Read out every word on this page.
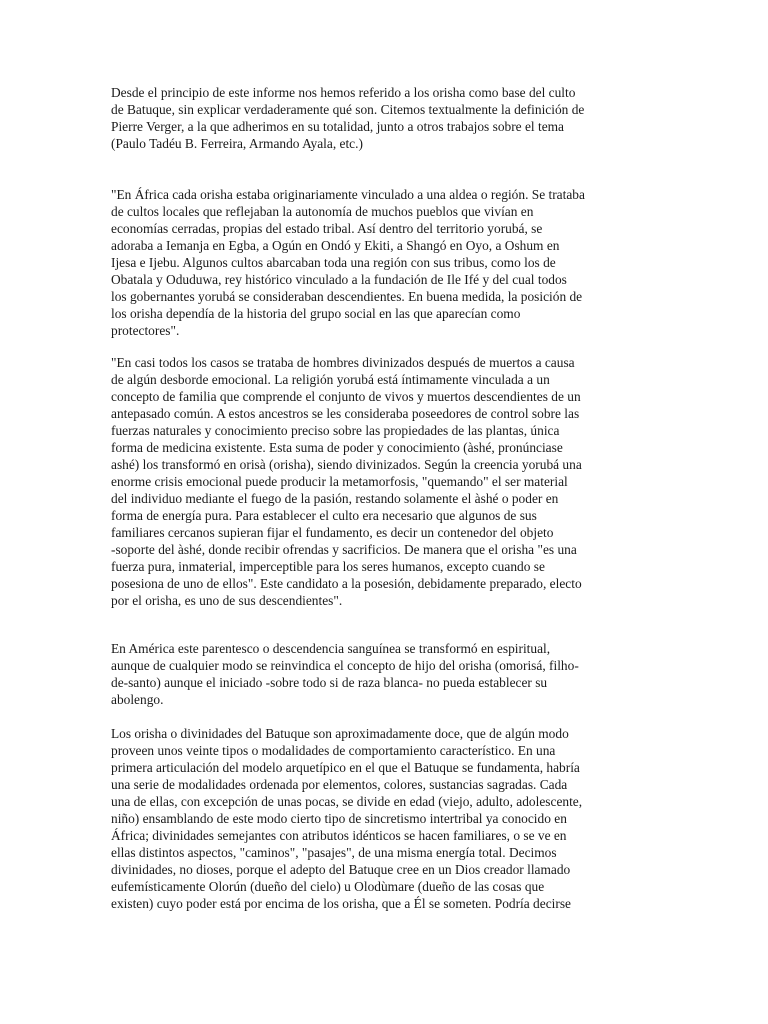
Desde el principio de este informe nos hemos referido a los orisha como base del culto
de Batuque, sin explicar verdaderamente qué son. Citemos textualmente la definición de
Pierre Verger, a la que adherimos en su totalidad, junto a otros trabajos sobre el tema
(Paulo Tadéu B. Ferreira, Armando Ayala, etc.)

"En África cada orisha estaba originariamente vinculado a una aldea o región. Se trataba
de cultos locales que reflejaban la autonomía de muchos pueblos que vivían en
economías cerradas, propias del estado tribal. Así dentro del territorio yorubá, se
adoraba a Iemanja en Egba, a Ogún en Ondó y Ekiti, a Shangó en Oyo, a Oshum en
Ijesa e Ijebu. Algunos cultos abarcaban toda una región con sus tribus, como los de
Obatala y Oduduwa, rey histórico vinculado a la fundación de Ile Ifé y del cual todos
los gobernantes yorubá se consideraban descendientes. En buena medida, la posición de
los orisha dependía de la historia del grupo social en las que aparecían como
protectores".

"En casi todos los casos se trataba de hombres divinizados después de muertos a causa
de algún desborde emocional. La religión yorubá está íntimamente vinculada a un
concepto de familia que comprende el conjunto de vivos y muertos descendientes de un
antepasado común. A estos ancestros se les consideraba poseedores de control sobre las
fuerzas naturales y conocimiento preciso sobre las propiedades de las plantas, única
forma de medicina existente. Esta suma de poder y conocimiento (àshé, pronúnciase
ashé) los transformó en orisà (orisha), siendo divinizados. Según la creencia yorubá una
enorme crisis emocional puede producir la metamorfosis, "quemando" el ser material
del individuo mediante el fuego de la pasión, restando solamente el àshé o poder en
forma de energía pura. Para establecer el culto era necesario que algunos de sus
familiares cercanos supieran fijar el fundamento, es decir un contenedor del objeto
-soporte del àshé, donde recibir ofrendas y sacrificios. De manera que el orisha "es una
fuerza pura, inmaterial, imperceptible para los seres humanos, excepto cuando se
posesiona de uno de ellos". Este candidato a la posesión, debidamente preparado, electo
por el orisha, es uno de sus descendientes".

En América este parentesco o descendencia sanguínea se transformó en espiritual,
aunque de cualquier modo se reinvindica el concepto de hijo del orisha (omorisá, filho-
de-santo) aunque el iniciado -sobre todo si de raza blanca- no pueda establecer su
abolengo.

Los orisha o divinidades del Batuque son aproximadamente doce, que de algún modo
proveen unos veinte tipos o modalidades de comportamiento característico. En una
primera articulación del modelo arquetípico en el que el Batuque se fundamenta, habría
una serie de modalidades ordenada por elementos, colores, sustancias sagradas. Cada
una de ellas, con excepción de unas pocas, se divide en edad (viejo, adulto, adolescente,
niño) ensamblando de este modo cierto tipo de sincretismo intertribal ya conocido en
África; divinidades semejantes con atributos idénticos se hacen familiares, o se ve en
ellas distintos aspectos, "caminos", "pasajes", de una misma energía total. Decimos
divinidades, no dioses, porque el adepto del Batuque cree en un Dios creador llamado
eufemísticamente Olorún (dueño del cielo) u Olodùmare (dueño de las cosas que
existen) cuyo poder está por encima de los orisha, que a Él se someten. Podría decirse
